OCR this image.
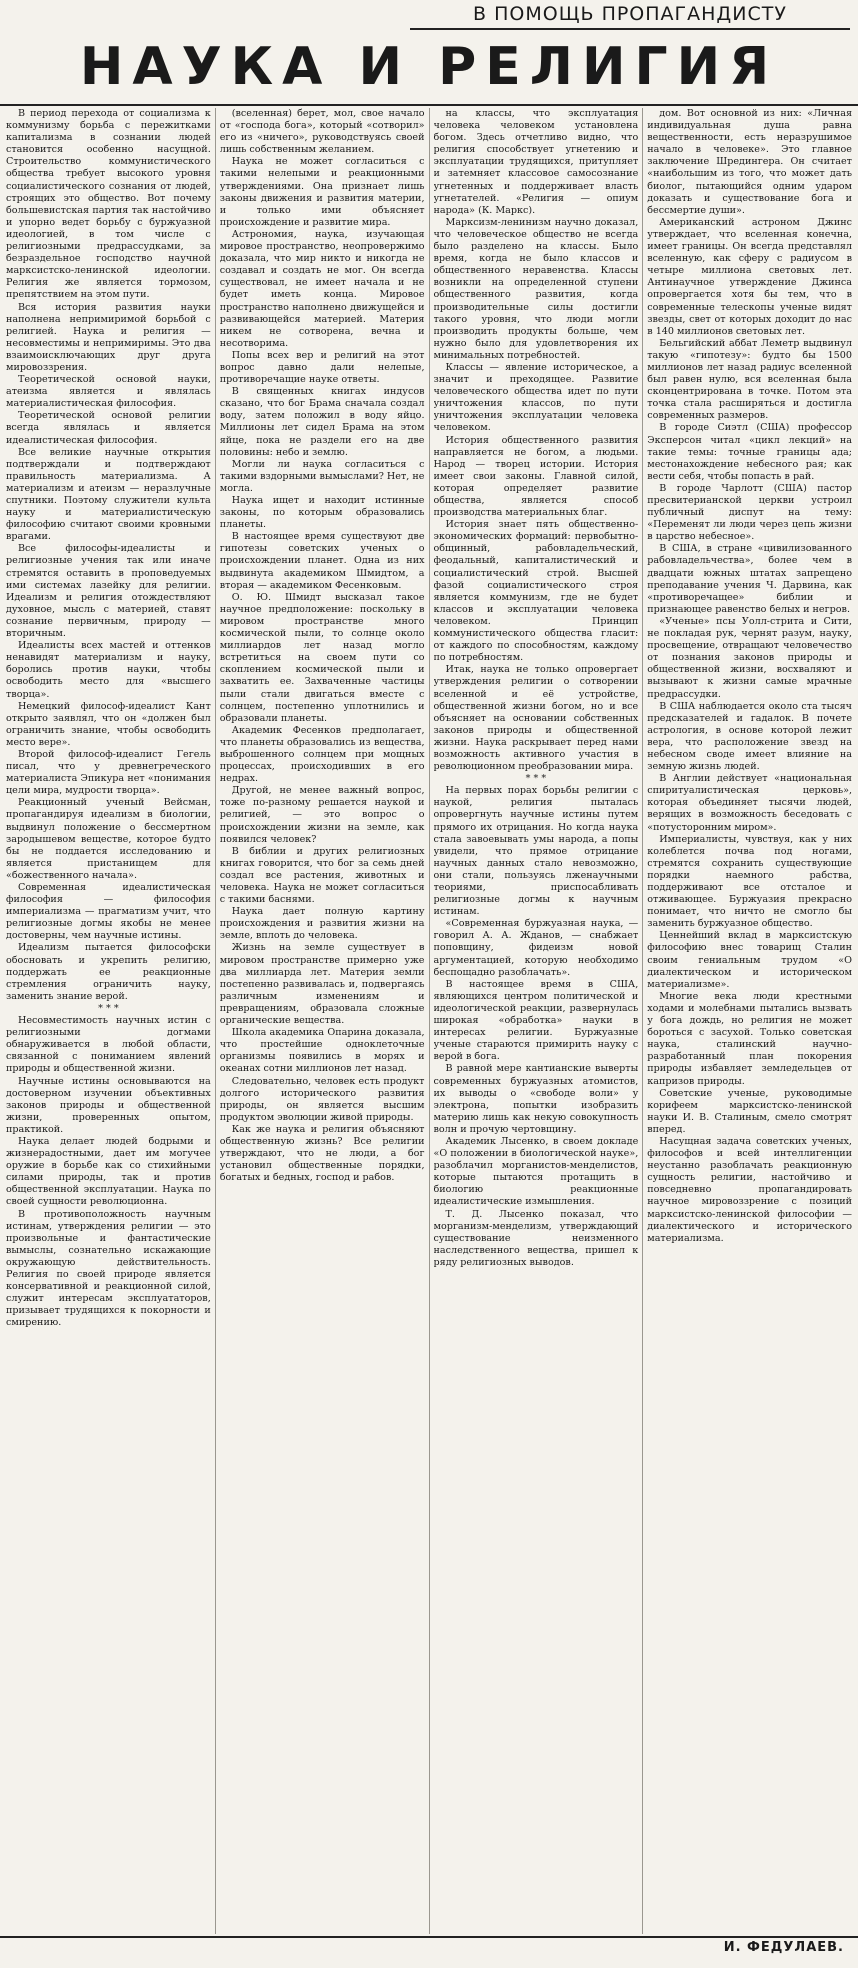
В ПОМОЩЬ ПРОПАГАНДИСТУ
НАУКА И РЕЛИГИЯ

В период перехода от социализма к коммунизму борьба с пережитками капитализма в сознании людей становится особенно насущной. Строительство коммунистического общества требует высокого уровня социалистического сознания от людей, строящих это общество. Вот почему большевистская партия так настойчиво и упорно ведет борьбу с буржуазной идеологией, в том числе с религиозными предрассудками, за безраздельное господство научной марксистско-ленинской идеологии. Религия же является тормозом, препятствием на этом пути.

Вся история развития науки наполнена непримиримой борьбой с религией. Наука и религия — несовместимы и непримиримы. Это два взаимоисключающих друг друга мировоззрения.

Теоретической основой науки, атеизма является и являлась материалистическая философия.

Теоретической основой религии всегда являлась и является идеалистическая философия.

Все великие научные открытия подтверждали и подтверждают правильность материализма. А материализм и атеизм — неразлучные спутники. Поэтому служители культа науку и материалистическую философию считают своими кровными врагами.

Все философы-идеалисты и религиозные учения так или иначе стремятся оставить в проповедуемых ими системах лазейку для религии. Идеализм и религия отождествляют духовное, мысль с материей, ставят сознание первичным, природу — вторичным.

Идеалисты всех мастей и оттенков ненавидят материализм и науку, боролись против науки, чтобы освободить место для «высшего творца».

Немецкий философ-идеалист Кант открыто заявлял, что он «должен был ограничить знание, чтобы освободить место вере».

Второй философ-идеалист Гегель писал, что у древнегреческого материалиста Эпикура нет «понимания цели мира, мудрости творца».

Реакционный ученый Вейсман, пропагандируя идеализм в биологии, выдвинул положение о бессмертном зародышевом веществе, которое будто бы не поддается исследованию и является пристанищем для «божественного начала».

Современная идеалистическая философия — философия империализма — прагматизм учит, что религиозные догмы якобы не менее достоверны, чем научные истины.

Идеализм пытается философски обосновать и укрепить религию, поддержать ее реакционные стремления ограничить науку, заменить знание верой.

* * *

Несовместимость научных истин с религиозными догмами обнаруживается в любой области, связанной с пониманием явлений природы и общественной жизни.

Научные истины основываются на достоверном изучении объективных законов природы и общественной жизни, проверенных опытом, практикой.

Наука делает людей бодрыми и жизнерадостными, дает им могучее оружие в борьбе как со стихийными силами природы, так и против общественной эксплуатации. Наука по своей сущности революционна.

В противоположность научным истинам, утверждения религии — это произвольные и фантастические вымыслы, сознательно искажающие окружающую действительность. Религия по своей природе является консервативной и реакционной силой, служит интересам эксплуататоров, призывает трудящихся к покорности и смирению.

(вселенная) берет, мол, свое начало от «господа бога», который «сотворил» его из «ничего», руководствуясь своей лишь собственным желанием.

Наука не может согласиться с такими нелепыми и реакционными утверждениями. Она признает лишь законы движения и развития материи, и только ими объясняет происхождение и развитие мира.

Астрономия, наука, изучающая мировое пространство, неопровержимо доказала, что мир никто и никогда не создавал и создать не мог. Он всегда существовал, не имеет начала и не будет иметь конца. Мировое пространство наполнено движущейся и развивающейся материей. Материя никем не сотворена, вечна и несотворима.

Попы всех вер и религий на этот вопрос давно дали нелепые, противоречащие науке ответы.

В священных книгах индусов сказано, что бог Брама сначала создал воду, затем положил в воду яйцо. Миллионы лет сидел Брама на этом яйце, пока не раздели его на две половины: небо и землю.

Могли ли наука согласиться с такими вздорными вымыслами? Нет, не могла.

Наука ищет и находит истинные законы, по которым образовались планеты.

В настоящее время существуют две гипотезы советских ученых о происхождении планет. Одна из них выдвинута академиком Шмидтом, а вторая — академиком Фесенковым.

О. Ю. Шмидт высказал такое научное предположение: поскольку в мировом пространстве много космической пыли, то солнце около миллиардов лет назад могло встретиться на своем пути со скоплением космической пыли и захватить ее. Захваченные частицы пыли стали двигаться вместе с солнцем, постепенно уплотнились и образовали планеты.

Академик Фесенков предполагает, что планеты образовались из вещества, выброшенного солнцем при мощных процессах, происходивших в его недрах.

Другой, не менее важный вопрос, тоже по-разному решается наукой и религией, — это вопрос о происхождении жизни на земле, как появился человек?

В библии и других религиозных книгах говорится, что бог за семь дней создал все растения, животных и человека. Наука не может согласиться с такими баснями.

Наука дает полную картину происхождения и развития жизни на земле, вплоть до человека.

Жизнь на земле существует в мировом пространстве примерно уже два миллиарда лет. Материя земли постепенно развивалась и, подвергаясь различным изменениям и превращениям, образовала сложные органические вещества.

Школа академика Опарина доказала, что простейшие одноклеточные организмы появились в морях и океанах сотни миллионов лет назад.

Следовательно, человек есть продукт долгого исторического развития природы, он является высшим продуктом эволюции живой природы.

Как же наука и религия объясняют общественную жизнь? Все религии утверждают, что не люди, а бог установил общественные порядки, богатых и бедных, господ и рабов.

на классы, что эксплуатация человека человеком установлена богом. Здесь отчетливо видно, что религия способствует угнетению и эксплуатации трудящихся, притупляет и затемняет классовое самосознание угнетенных и поддерживает власть угнетателей. «Религия — опиум народа» (К. Маркс).

Марксизм-ленинизм научно доказал, что человеческое общество не всегда было разделено на классы. Было время, когда не было классов и общественного неравенства. Классы возникли на определенной ступени общественного развития, когда производительные силы достигли такого уровня, что люди могли производить продукты больше, чем нужно было для удовлетворения их минимальных потребностей.

Классы — явление историческое, а значит и преходящее. Развитие человеческого общества идет по пути уничтожения классов, по пути уничтожения эксплуатации человека человеком.

История общественного развития направляется не богом, а людьми. Народ — творец истории. История имеет свои законы. Главной силой, которая определяет развитие общества, является способ производства материальных благ.

История знает пять общественно-экономических формаций: первобытно-общинный, рабовладельческий, феодальный, капиталистический и социалистический строй. Высшей фазой социалистического строя является коммунизм, где не будет классов и эксплуатации человека человеком. Принцип коммунистического общества гласит: от каждого по способностям, каждому по потребностям.

Итак, наука не только опровергает утверждения религии о сотворении вселенной и её устройстве, общественной жизни богом, но и все объясняет на основании собственных законов природы и общественной жизни. Наука раскрывает перед нами возможность активного участия в революционном преобразовании мира.

* * *

На первых порах борьбы религии с наукой, религия пыталась опровергнуть научные истины путем прямого их отрицания. Но когда наука стала завоевывать умы народа, а попы увидели, что прямое отрицание научных данных стало невозможно, они стали, пользуясь лженаучными теориями, приспосабливать религиозные догмы к научным истинам.

«Современная буржуазная наука, — говорил А. А. Жданов, — снабжает поповщину, фидеизм новой аргументацией, которую необходимо беспощадно разоблачать».

В настоящее время в США, являющихся центром политической и идеологической реакции, развернулась широкая «обработка» науки в интересах религии. Буржуазные ученые стараются примирить науку с верой в бога.

В равной мере кантианские выверты современных буржуазных атомистов, их выводы о «свободе воли» у электрона, попытки изобразить материю лишь как некую совокупность волн и прочую чертовщину.

Академик Лысенко, в своем докладе «О положении в биологической науке», разоблачил морганистов-менделистов, которые пытаются протащить в биологию реакционные идеалистические измышления.

Т. Д. Лысенко показал, что морганизм-менделизм, утверждающий существование неизменного наследственного вещества, пришел к ряду религиозных выводов.

дом. Вот основной из них: «Личная индивидуальная душа равна вещественности, есть неразрушимое начало в человеке». Это главное заключение Шредингера. Он считает «наибольшим из того, что может дать биолог, пытающийся одним ударом доказать и существование бога и бессмертие души».

Американский астроном Джинс утверждает, что вселенная конечна, имеет границы. Он всегда представлял вселенную, как сферу с радиусом в четыре миллиона световых лет. Антинаучное утверждение Джинса опровергается хотя бы тем, что в современные телескопы ученые видят звезды, свет от которых доходит до нас в 140 миллионов световых лет.

Бельгийский аббат Леметр выдвинул такую «гипотезу»: будто бы 1500 миллионов лет назад радиус вселенной был равен нулю, вся вселенная была сконцентрирована в точке. Потом эта точка стала расширяться и достигла современных размеров.

В городе Сиэтл (США) профессор Эксперсон читал «цикл лекций» на такие темы: точные границы ада; местонахождение небесного рая; как вести себя, чтобы попасть в рай.

В городе Чарлотт (США) пастор пресвитерианской церкви устроил публичный диспут на тему: «Переменят ли люди через цепь жизни в царство небесное».

В США, в стране «цивилизованного рабовладельчества», более чем в двадцати южных штатах запрещено преподавание учения Ч. Дарвина, как «противоречащее» библии и признающее равенство белых и негров.

«Ученые» псы Уолл-стрита и Сити, не покладая рук, чернят разум, науку, просвещение, отвращают человечество от познания законов природы и общественной жизни, восхваляют и вызывают к жизни самые мрачные предрассудки.

В США наблюдается около ста тысяч предсказателей и гадалок. В почете астрология, в основе которой лежит вера, что расположение звезд на небесном своде имеет влияние на земную жизнь людей.

В Англии действует «национальная спиритуалистическая церковь», которая объединяет тысячи людей, верящих в возможность беседовать с «потусторонним миром».

Империалисты, чувствуя, как у них колеблется почва под ногами, стремятся сохранить существующие порядки наемного рабства, поддерживают все отсталое и отживающее. Буржуазия прекрасно понимает, что ничто не смогло бы заменить буржуазное общество.

Ценнейший вклад в марксистскую философию внес товарищ Сталин своим гениальным трудом «О диалектическом и историческом материализме».

Многие века люди крестными ходами и молебнами пытались вызвать у бога дождь, но религия не может бороться с засухой. Только советская наука, сталинский научно-разработанный план покорения природы избавляет земледельцев от капризов природы.

Советские ученые, руководимые корифеем марксистско-ленинской науки И. В. Сталиным, смело смотрят вперед.

Насущная задача советских ученых, философов и всей интеллигенции неустанно разоблачать реакционную сущность религии, настойчиво и повседневно пропагандировать научное мировоззрение с позиций марксистско-ленинской философии — диалектического и исторического материализма.

И. ФЕДУЛАЕВ.
